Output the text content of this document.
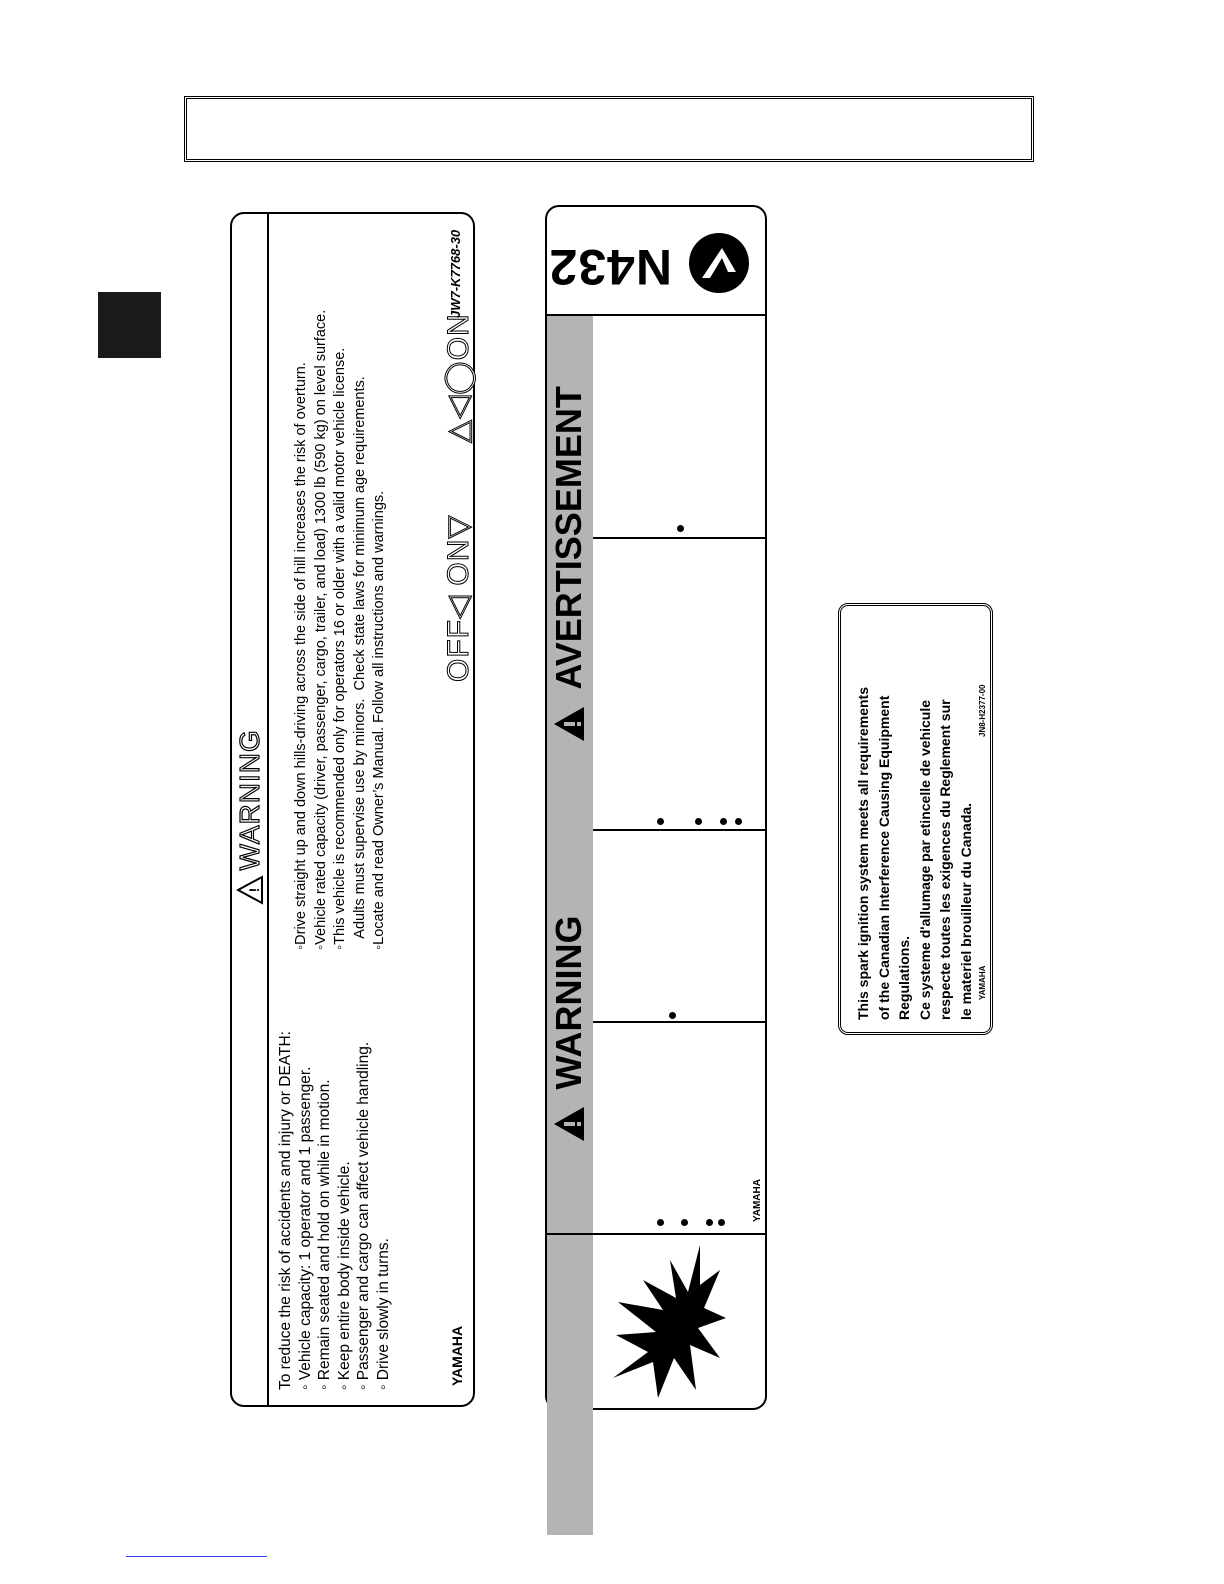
!
WARNING
To reduce the risk of accidents and injury or DEATH: ◦ Vehicle capacity: 1 operator and 1 passenger. ◦ Remain seated and hold on while in motion. ◦ Keep entire body inside vehicle. ◦ Passenger and cargo can affect vehicle handling. ◦ Drive slowly in turns.	YAMAHA
◦Drive straight up and down hills-driving across the side of hill increases the risk of overturn. ◦Vehicle rated capacity (driver, passenger, cargo, trailer, and load) 1300 lb (590 kg) on level surface. ◦This vehicle is recommended only for operators 16 or older with a valid motor vehicle license. Adults must supervise use by minors.  Check state laws for minimum age requirements. ◦Locate and read Owner’s Manual. Follow all instructions and warnings. OFF◁ ON▽
△◁◯ON
JW7-K7768-30
WARNING
AVERTISSEMENT
YAMAHA
N432
This spark ignition system meets all requirements of the Canadian Interference Causing Equipment Regulations. Ce systeme d'allumage par etincelle de vehicule respecte toutes les exigences du Reglement sur le materiel brouilleur du Canada. YAMAHA
JN8-H2377-00
